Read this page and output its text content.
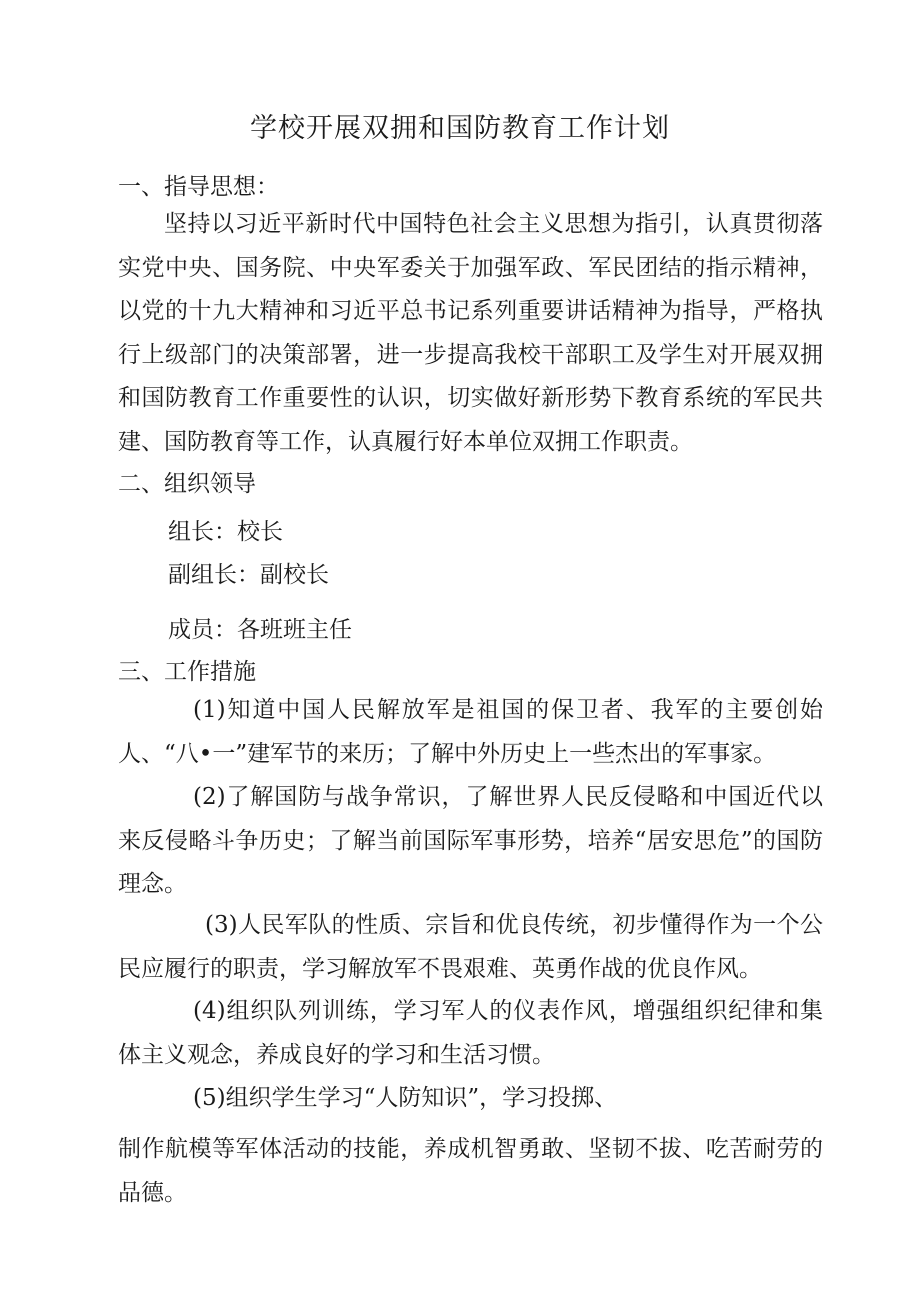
学校开展双拥和国防教育工作计划
一、指导思想：

坚持以习近平新时代中国特色社会主义思想为指引，认真贯彻落实党中央、国务院、中央军委关于加强军政、军民团结的指示精神，以党的十九大精神和习近平总书记系列重要讲话精神为指导，严格执行上级部门的决策部署，进一步提高我校干部职工及学生对开展双拥和国防教育工作重要性的认识，切实做好新形势下教育系统的军民共建、国防教育等工作，认真履行好本单位双拥工作职责。

二、组织领导
组长：校长
副组长：副校长
成员：各班班主任
三、工作措施

(1)知道中国人民解放军是祖国的保卫者、我军的主要创始人、“八•一”建军节的来历；了解中外历史上一些杰出的军事家。

(2)了解国防与战争常识，了解世界人民反侵略和中国近代以来反侵略斗争历史；了解当前国际军事形势，培养“居安思危”的国防理念。

(3)人民军队的性质、宗旨和优良传统，初步懂得作为一个公民应履行的职责，学习解放军不畏艰难、英勇作战的优良作风。

(4)组织队列训练，学习军人的仪表作风，增强组织纪律和集体主义观念，养成良好的学习和生活习惯。

(5)组织学生学习“人防知识”，学习投掷、

制作航模等军体活动的技能，养成机智勇敢、坚韧不拔、吃苦耐劳的品德。
